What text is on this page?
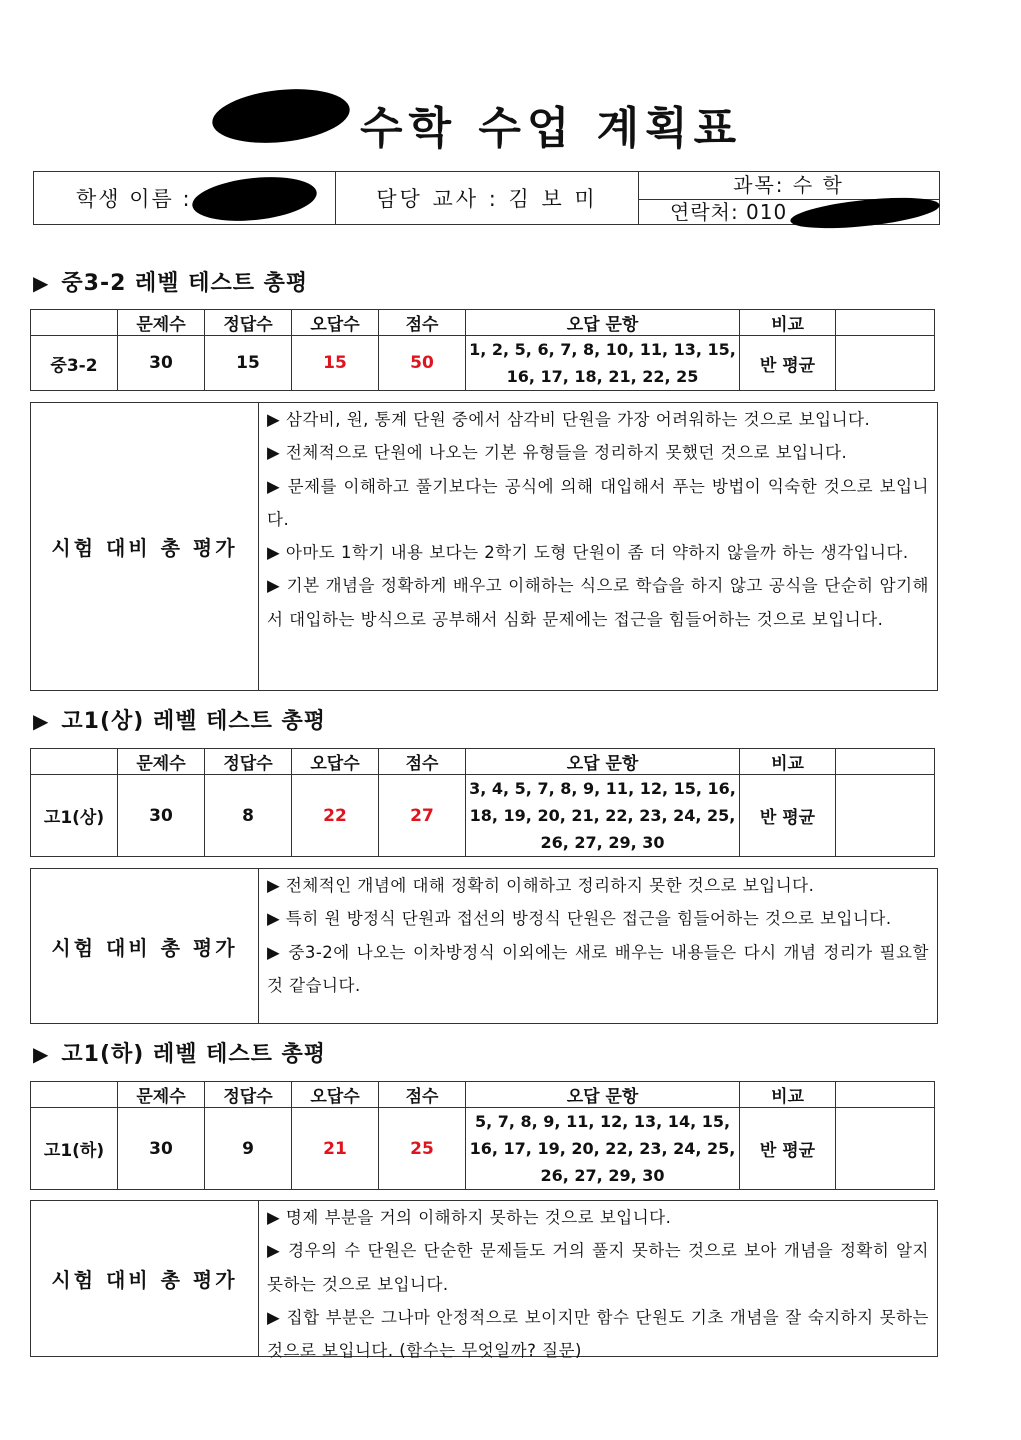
수학 수업 계획표
학생 이름 :	담당 교사 : 김 보 미
과목: 수 학
연락처: 010
▶ 중3-2 레벨 테스트 총평
	문제수	정답수	오답수	점수	오답 문항	비교	
중3-2	30	15	15	50	1, 2, 5, 6, 7, 8, 10, 11, 13, 15,
16, 17, 18, 21, 22, 25	반 평균	
시험 대비 총 평가

▶ 삼각비, 원, 통계 단원 중에서 삼각비 단원을 가장 어려워하는 것으로 보입니다.

▶ 전체적으로 단원에 나오는 기본 유형들을 정리하지 못했던 것으로 보입니다.

▶ 문제를 이해하고 풀기보다는 공식에 의해 대입해서 푸는 방법이 익숙한 것으로 보입니다.

▶ 아마도 1학기 내용 보다는 2학기 도형 단원이 좀 더 약하지 않을까 하는 생각입니다.

▶ 기본 개념을 정확하게 배우고 이해하는 식으로 학습을 하지 않고 공식을 단순히 암기해서 대입하는 방식으로 공부해서 심화 문제에는 접근을 힘들어하는 것으로 보입니다.

▶ 고1(상) 레벨 테스트 총평
	문제수	정답수	오답수	점수	오답 문항	비교	
고1(상)	30	8	22	27	3, 4, 5, 7, 8, 9, 11, 12, 15, 16,
18, 19, 20, 21, 22, 23, 24, 25,
26, 27, 29, 30	반 평균	
시험 대비 총 평가

▶ 전체적인 개념에 대해 정확히 이해하고 정리하지 못한 것으로 보입니다.

▶ 특히 원 방정식 단원과 접선의 방정식 단원은 접근을 힘들어하는 것으로 보입니다.

▶ 중3-2에 나오는 이차방정식 이외에는 새로 배우는 내용들은 다시 개념 정리가 필요할 것 같습니다.

▶ 고1(하) 레벨 테스트 총평
	문제수	정답수	오답수	점수	오답 문항	비교	
고1(하)	30	9	21	25	5, 7, 8, 9, 11, 12, 13, 14, 15,
16, 17, 19, 20, 22, 23, 24, 25,
26, 27, 29, 30	반 평균	
시험 대비 총 평가

▶ 명제 부분을 거의 이해하지 못하는 것으로 보입니다.

▶ 경우의 수 단원은 단순한 문제들도 거의 풀지 못하는 것으로 보아 개념을 정확히 알지 못하는 것으로 보입니다.

▶ 집합 부분은 그나마 안정적으로 보이지만 함수 단원도 기초 개념을 잘 숙지하지 못하는 것으로 보입니다. (함수는 무엇일까? 질문)
